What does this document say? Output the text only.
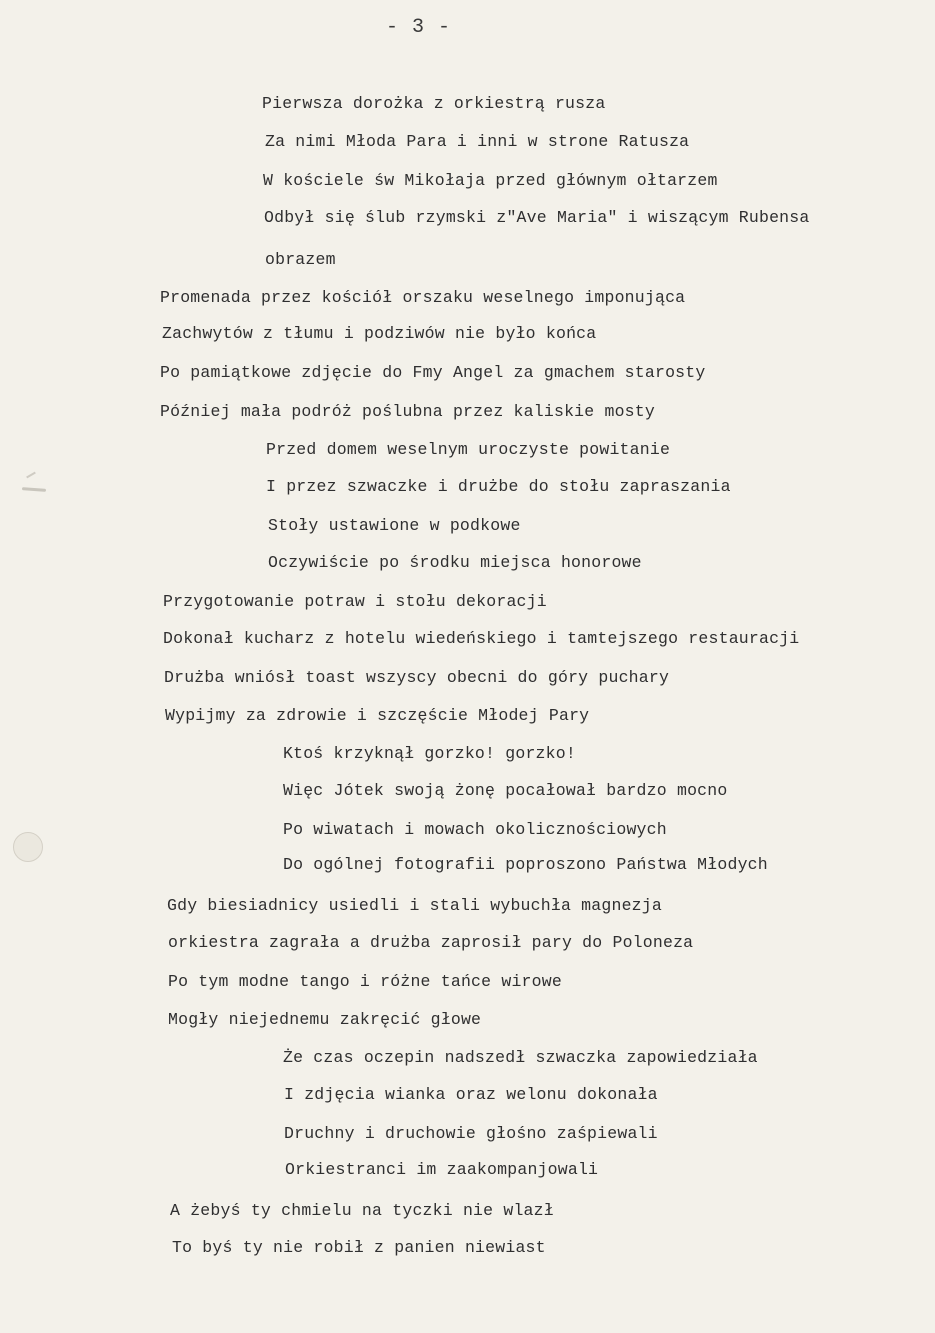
- 3 -
Pierwsza dorożka z orkiestrą rusza
Za nimi Młoda Para i inni w strone Ratusza
W kościele św Mikołaja przed głównym ołtarzem
Odbył się ślub rzymski z"Ave Maria" i wiszącym Rubensa
obrazem
Promenada przez kościół orszaku weselnego imponująca
Zachwytów z tłumu i podziwów nie było końca
Po pamiątkowe zdjęcie do Fmy Angel za gmachem starosty
Później mała podróż poślubna przez kaliskie mosty
Przed domem weselnym uroczyste powitanie
I przez szwaczke i drużbe do stołu zapraszania
Stoły ustawione w podkowe
Oczywiście po środku miejsca honorowe
Przygotowanie potraw i stołu dekoracji
Dokonał kucharz z hotelu wiedeńskiego i tamtejszego restauracji
Drużba wniósł toast wszyscy obecni do góry puchary
Wypijmy za zdrowie i szczęście Młodej Pary
Ktoś krzyknął gorzko! gorzko!
Więc Jótek swoją żonę pocałował bardzo mocno
Po wiwatach i mowach okolicznościowych
Do ogólnej fotografii poproszono Państwa Młodych
Gdy biesiadnicy usiedli i stali wybuchła magnezja
orkiestra zagrała a drużba zaprosił pary do Poloneza
Po tym modne tango i różne tańce wirowe
Mogły niejednemu zakręcić głowe
Że czas oczepin nadszedł szwaczka zapowiedziała
I zdjęcia wianka oraz welonu dokonała
Druchny i druchowie głośno zaśpiewali
Orkiestranci im zaakompanjowali
A żebyś ty chmielu na tyczki nie wlazł
To byś ty nie robił z panien niewiast
